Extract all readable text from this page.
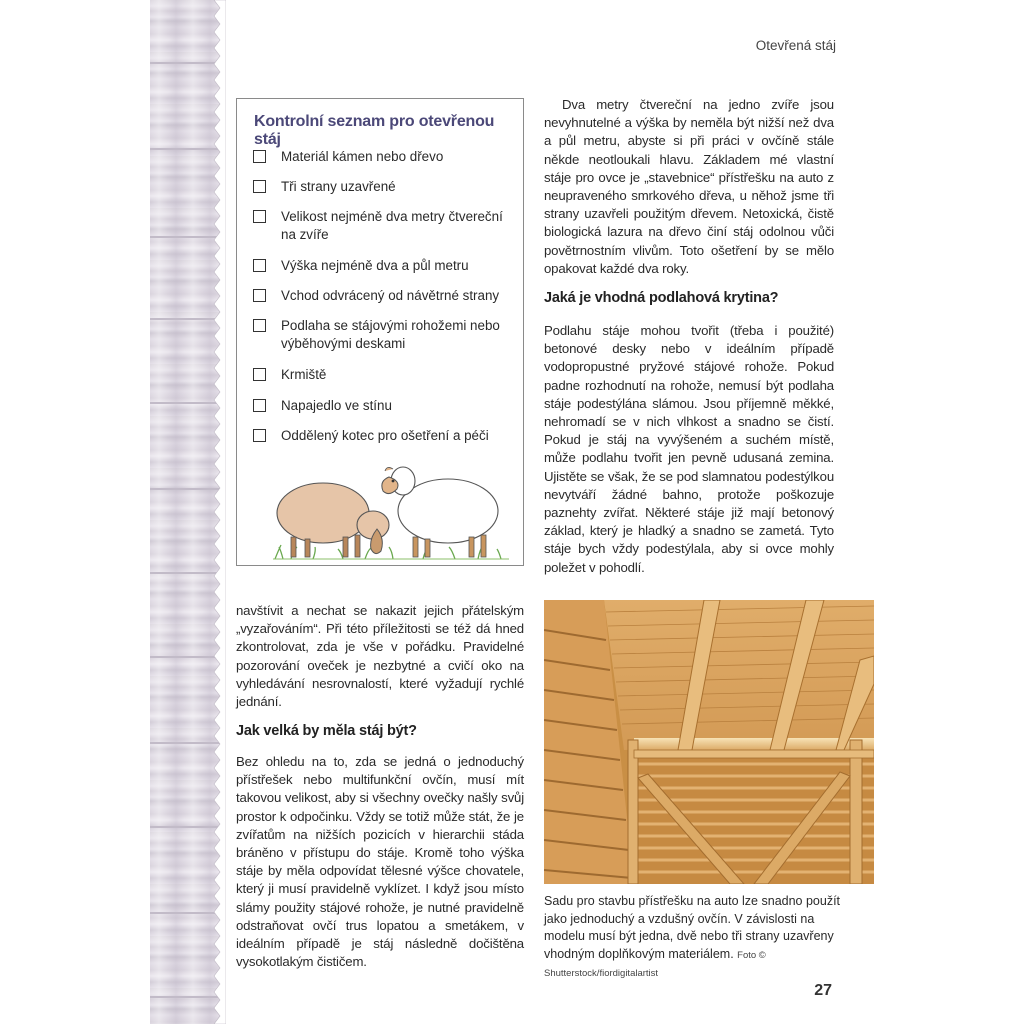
Otevřená stáj
Kontrolní seznam pro otevřenou stáj
Materiál kámen nebo dřevo
Tři strany uzavřené
Velikost nejméně dva metry čtvereční na zvíře
Výška nejméně dva a půl metru
Vchod odvrácený od návětrné strany
Podlaha se stájovými rohožemi nebo výběhovými deskami
Krmiště
Napajedlo ve stínu
Oddělený kotec pro ošetření a péči

Dva metry čtvereční na jedno zvíře jsou nevyhnutelné a výška by neměla být nižší než dva a půl metru, abyste si při práci v ovčíně stále někde neotloukali hlavu. Základem mé vlastní stáje pro ovce je „stavebnice“ přístřešku na auto z neupraveného smrkového dřeva, u něhož jsme tři strany uzavřeli použitým dřevem. Netoxická, čistě biologická lazura na dřevo činí stáj odolnou vůči povětrnostním vlivům. Toto ošetření by se mělo opakovat každé dva roky.

Jaká je vhodná podlahová krytina?

Podlahu stáje mohou tvořit (třeba i použité) betonové desky nebo v ideálním případě vodopropustné pryžové stájové rohože. Pokud padne rozhodnutí na rohože, nemusí být podlaha stáje podestýlána slámou. Jsou příjemně měkké, nehromadí se v nich vlhkost a snadno se čistí. Pokud je stáj na vyvýšeném a suchém místě, může podlahu tvořit jen pevně udusaná zemina. Ujistěte se však, že se pod slamnatou podestýlkou nevytváří žádné bahno, protože poškozuje paznehty zvířat. Některé stáje již mají betonový základ, který je hladký a snadno se zametá. Tyto stáje bych vždy podestýlala, aby si ovce mohly poležet v pohodlí.

navštívit a nechat se nakazit jejich přátelským „vyzařováním“. Při této příležitosti se též dá hned zkontrolovat, zda je vše v pořádku. Pravidelné pozorování oveček je nezbytné a cvičí oko na vyhledávání nesrovnalostí, které vyžadují rychlé jednání.

Jak velká by měla stáj být?

Bez ohledu na to, zda se jedná o jednoduchý přístřešek nebo multifunkční ovčín, musí mít takovou velikost, aby si všechny ovečky našly svůj prostor k odpočinku. Vždy se totiž může stát, že je zvířatům na nižších pozicích v hierarchii stáda bráněno v přístupu do stáje. Kromě toho výška stáje by měla odpovídat tělesné výšce chovatele, který ji musí pravidelně vyklízet. I když jsou místo slámy použity stájové rohože, je nutné pravidelně odstraňovat ovčí trus lopatou a smetákem, v ideálním případě je stáj následně dočištěna vysokotlakým čističem.

Sadu pro stavbu přístřešku na auto lze snadno použít jako jednoduchý a vzdušný ovčín. V závislosti na modelu musí být jedna, dvě nebo tři strany uzavřeny vhodným doplňkovým materiálem. Foto © Shutterstock/fiordigitalartist
27
